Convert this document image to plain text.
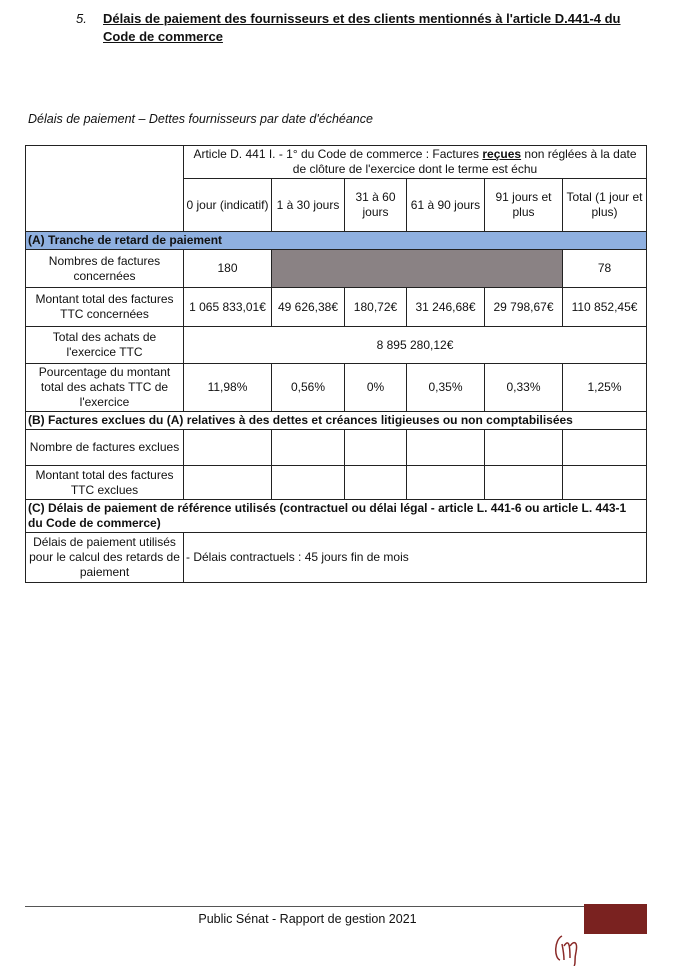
5. Délais de paiement des fournisseurs et des clients mentionnés à l'article D.441-4 du Code de commerce
Délais de paiement – Dettes fournisseurs par date d'échéance
	Article D. 441 I. - 1° du Code de commerce : Factures reçues non réglées à la date de clôture de l'exercice dont le terme est échu					
	0 jour (indicatif)	1 à 30 jours	31 à 60 jours	61 à 90 jours	91 jours et plus	Total (1 jour et plus)
(A) Tranche de retard de paiement						
Nombres de factures concernées	180					78
Montant total des factures TTC concernées	1 065 833,01€	49 626,38€	180,72€	31 246,68€	29 798,67€	110 852,45€
Total des achats de l'exercice TTC	8 895 280,12€					
Pourcentage du montant total des achats TTC de l'exercice	11,98%	0,56%	0%	0,35%	0,33%	1,25%
(B) Factures exclues du (A) relatives à des dettes et créances litigieuses ou non comptabilisées						
Nombre de factures exclues						
Montant total des factures TTC exclues						
(C) Délais de paiement de référence utilisés (contractuel ou délai légal - article L. 441-6 ou article L. 443-1 du Code de commerce)						
Délais de paiement utilisés pour le calcul des retards de paiement	- Délais contractuels : 45 jours fin de mois					
Public Sénat - Rapport de gestion 2021
